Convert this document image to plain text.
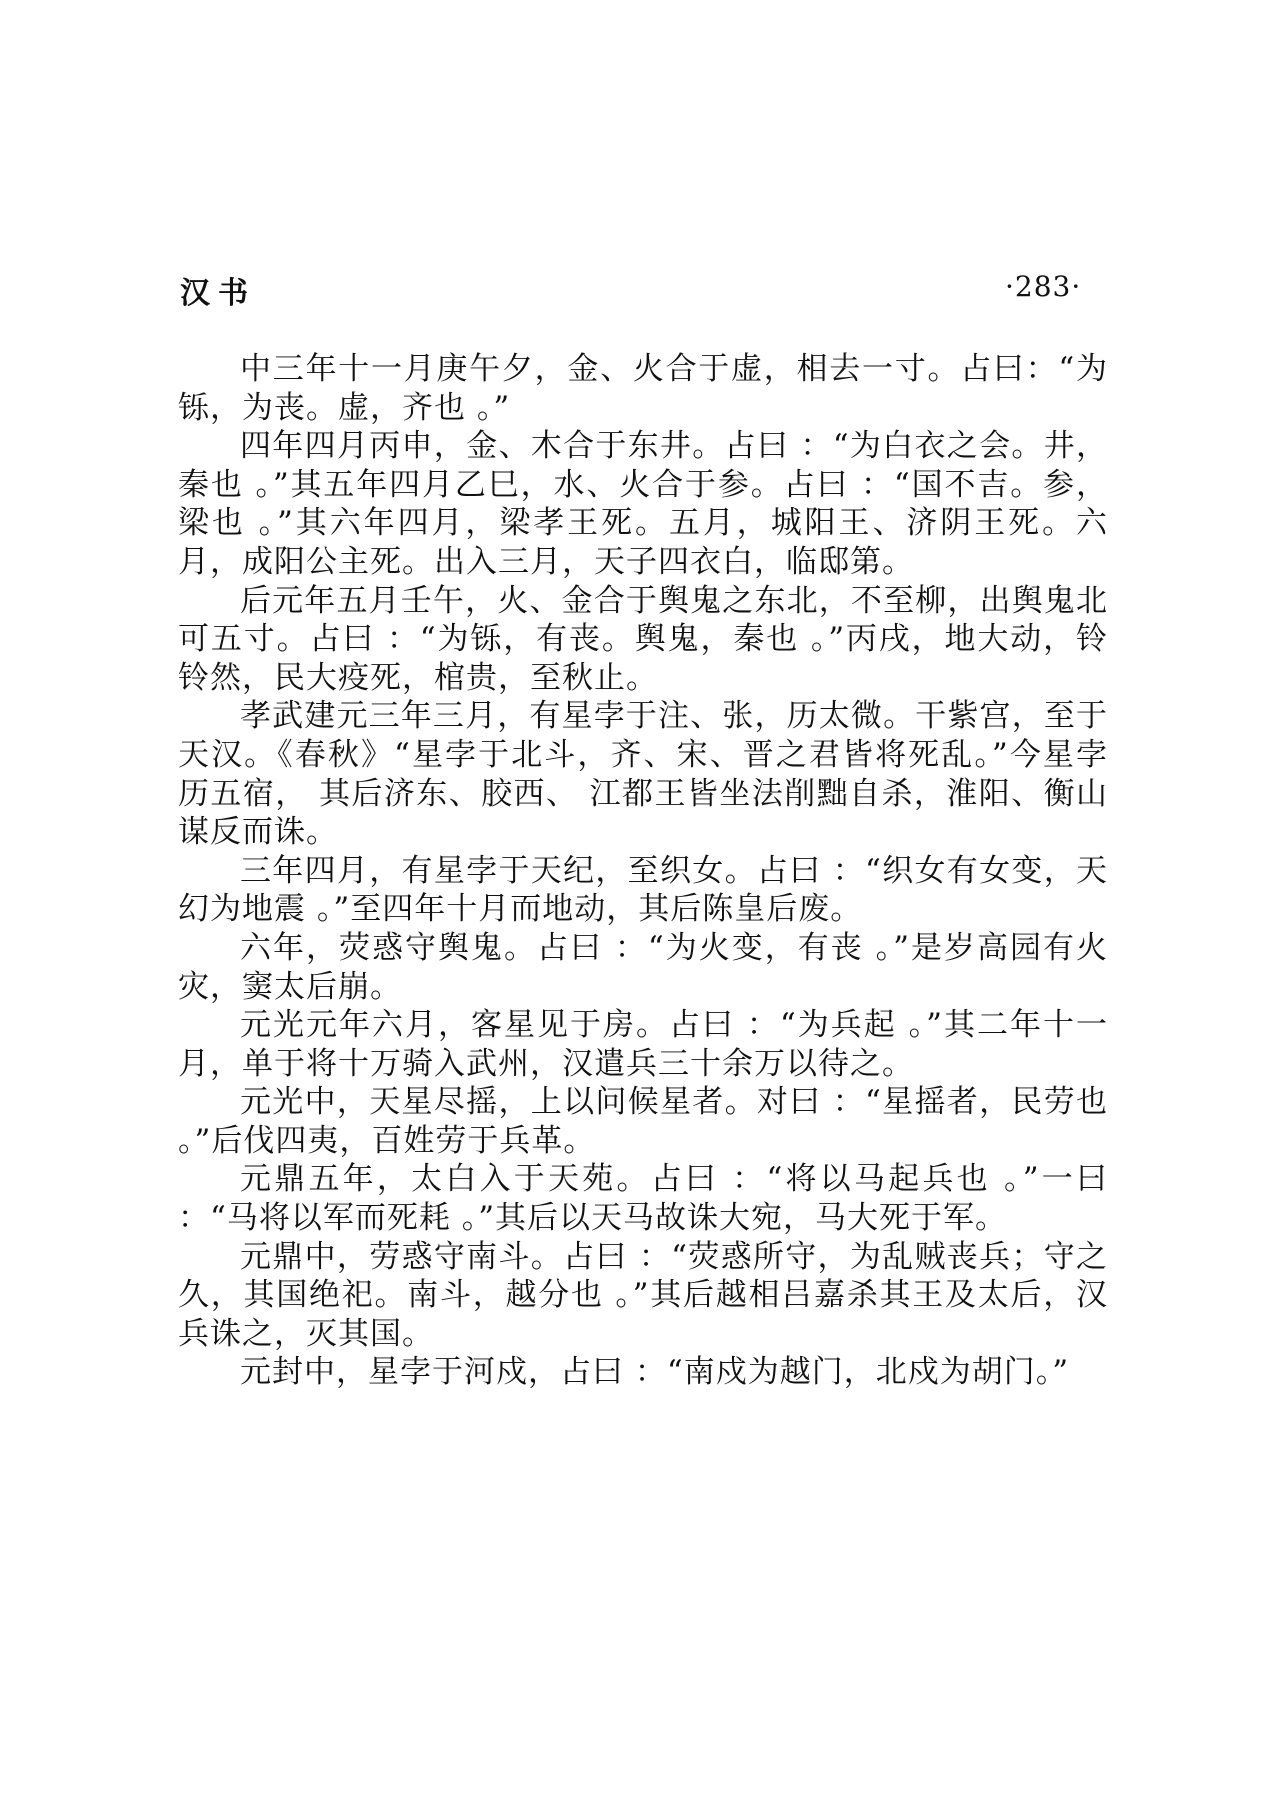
汉书	·283·

中三年十一月庚午夕，金、火合于虚，相去一寸。占曰：“为铄，为丧。虚，齐也 。”

四年四月丙申，金、木合于东井。占曰 ：“为白衣之会。井，秦也 。”其五年四月乙巳，水、火合于参。占曰 ：“国不吉。参，梁也 。”其六年四月，梁孝王死。五月，城阳王、济阴王死。六月，成阳公主死。出入三月，天子四衣白，临邸第。

后元年五月壬午，火、金合于舆鬼之东北，不至柳，出舆鬼北可五寸。占曰 ：“为铄，有丧。舆鬼，秦也 。”丙戌，地大动，铃铃然，民大疫死，棺贵，至秋止。

孝武建元三年三月，有星孛于注、张，历太微。干紫宫，至于天汉。《春秋》“星孛于北斗，齐、宋、晋之君皆将死乱。”今星孛历五宿， 其后济东、胶西、 江都王皆坐法削黜自杀，淮阳、衡山谋反而诛。

三年四月，有星孛于天纪，至织女。占曰 ：“织女有女变，天幻为地震 。”至四年十月而地动，其后陈皇后废。

六年，荧惑守舆鬼。占曰 ：“为火变，有丧 。”是岁高园有火灾，窦太后崩。

元光元年六月，客星见于房。占曰 ：“为兵起 。”其二年十一月，单于将十万骑入武州，汉遣兵三十余万以待之。

元光中，天星尽摇，上以问候星者。对曰 ：“星摇者，民劳也 。”后伐四夷，百姓劳于兵革。

元鼎五年，太白入于天苑。占曰 ：“将以马起兵也 。”一曰 ：“马将以军而死耗 。”其后以天马故诛大宛，马大死于军。

元鼎中，劳惑守南斗。占曰 ：“荧惑所守，为乱贼丧兵；守之久，其国绝祀。南斗，越分也 。”其后越相吕嘉杀其王及太后，汉兵诛之，灭其国。

元封中，星孛于河戍，占曰 ：“南戍为越门，北戍为胡门。”
